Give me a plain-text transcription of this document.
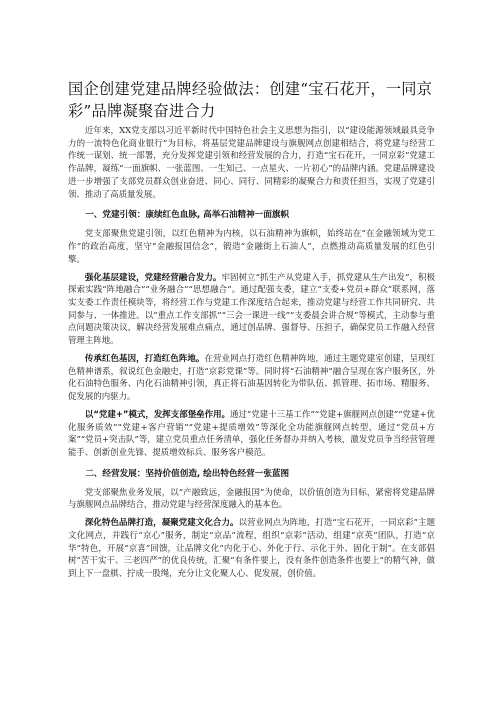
国企创建党建品牌经验做法：创建“宝石花开，一同京彩”品牌凝聚奋进合力

近年来，XX党支部以习近平新时代中国特色社会主义思想为指引，以“建设能源领域最具竞争力的一流特色化商业银行”为目标，将基层党建品牌建设与旗舰网点创建相结合，将党建与经营工作统一谋划、统一部署，充分发挥党建引领和经营发展的合力，打造“宝石花开，一同京彩”党建工作品牌，凝练“一面旗帜、一张蓝图、一生知己、一点星火、一片初心”的品牌内涵。党建品牌建设进一步增强了支部党员群众创业奋进、同心、同行、同精彩的凝聚合力和责任担当，实现了党建引领、推动了高质量发展。

一、党建引领：康续红色血脉, 高举石油精神一面旗帜

党支部聚焦党建引领，以红色精神为内核，以石油精神为旗帜，始终站在“在金融领域为党工作”的政治高度，坚守“金融报国信念”，锻造“金融街上石油人”，点燃推动高质量发展的红色引擎。

强化基层建设，党建经营融合发力。牢固树立“抓生产从党建入手，抓党建从生产出发”，积极探索实践“阵地融合”“业务融合”“思想融合”。通过配强支委，建立“支委+党员+群众”联系网，落实支委工作责任模块等，将经营工作与党建工作深度结合起来，推动党建与经营工作共同研究、共同参与、一体推进。以“重点工作支部抓”“三会一课进一线”“支委晨会讲合规”等模式，主动参与重点问题决策决议，解决经营发展难点痛点，通过创品牌、强督导、压担子，确保党员工作融入经营管理主阵地。

传承红色基因，打造红色阵地。在营业网点打造红色精神阵地，通过主题党建室创建，呈现红色精神谱系，叙说红色金融史，打造“京彩党课”等。同时将“石油精神”融合呈现在客户服务区，外化石油特色服务、内化石油精神引领，真正将石油基因转化为带队伍、抓管理、拓市场、精服务、促发展的内驱力。

以“党建+”模式，发挥支部堡垒作用。通过“党建十三基工作”“党建+旗舰网点创建”“党建+优化服务质效”“党建+客户营销”“党建+提质增效”等深化全功能旗舰网点转型，通过“党员+方案”“党员+突击队”等，建立党员重点任务清单，强化任务督办并纳入考核，激发党员争当经营管理能手、创新创业先锋、提质增效标兵、服务客户模范。

二、经营发展：坚持价值创造, 绘出特色经营一张蓝图

党支部聚焦业务发展，以“产融致远，金融报国”为使命，以价值创造为目标，紧密将党建品牌与旗舰网点品牌结合，推动党建与经营深度融入的基本色。

深化特色品牌打造，凝聚党建文化合力。以营业网点为阵地，打造“宝石花开，一同京彩”主题文化网点，并践行“京心”服务，制定“京品”流程，组织“京彩”活动，组建“京英”团队，打造“京华”特色，开展“京喜”回馈，让品牌文化“内化于心、外化于行、示化于外、固化于制”。在支部倡树“苦干实干、三老四严”的优良传统，汇聚“有条件要上，没有条件创造条件也要上”的精气神，做到上下一盘棋、拧成一股绳，充分让文化聚人心、促发展，创价值。
